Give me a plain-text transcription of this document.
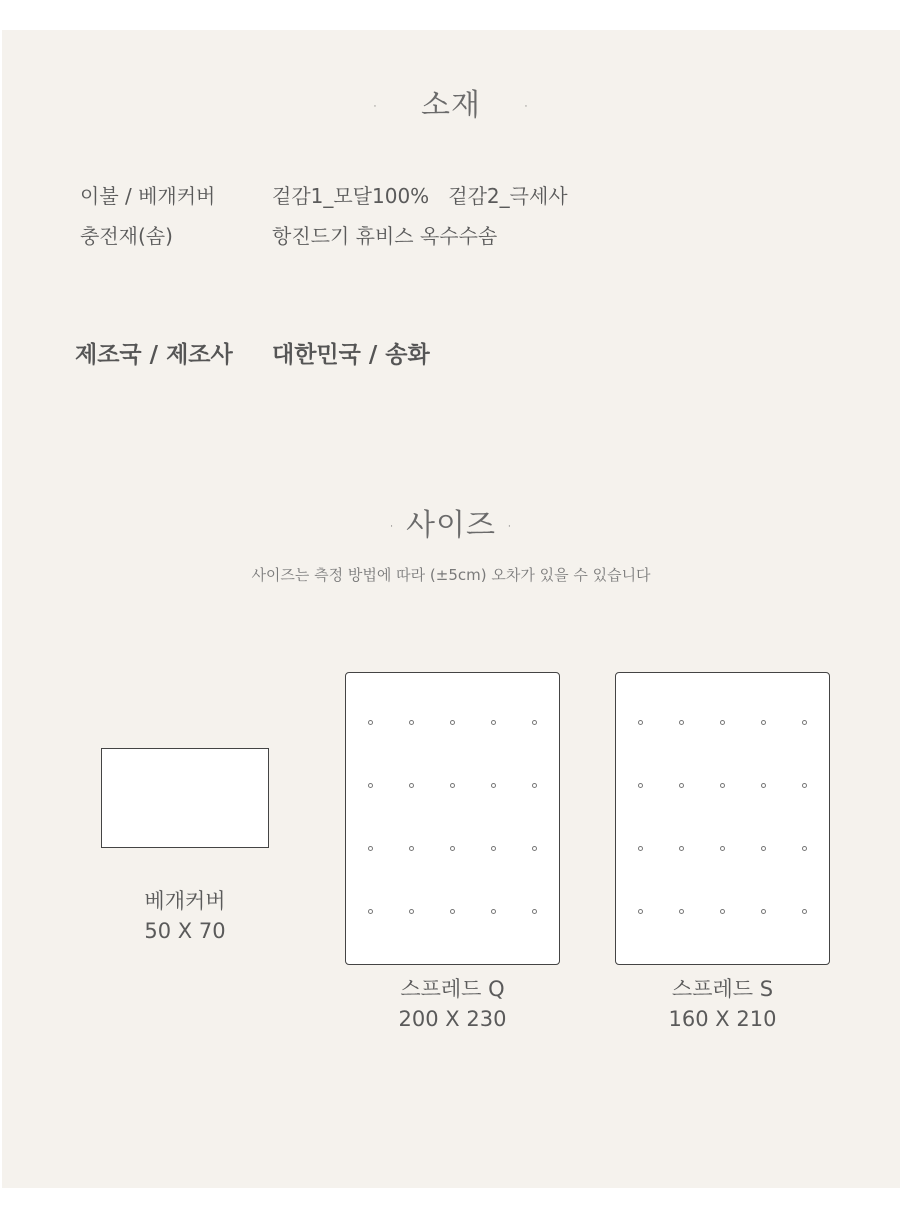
· 소재 ·
이불 / 베개커버	겉감1_모달100%   겉감2_극세사
충전재(솜)	항진드기 휴비스 옥수수솜
제조국 / 제조사 대한민국 / 송화
· 사이즈 ·
사이즈는 측정 방법에 따라 (±5cm) 오차가 있을 수 있습니다
베개커버
50 X 70
스프레드 Q
200 X 230
스프레드 S
160 X 210
